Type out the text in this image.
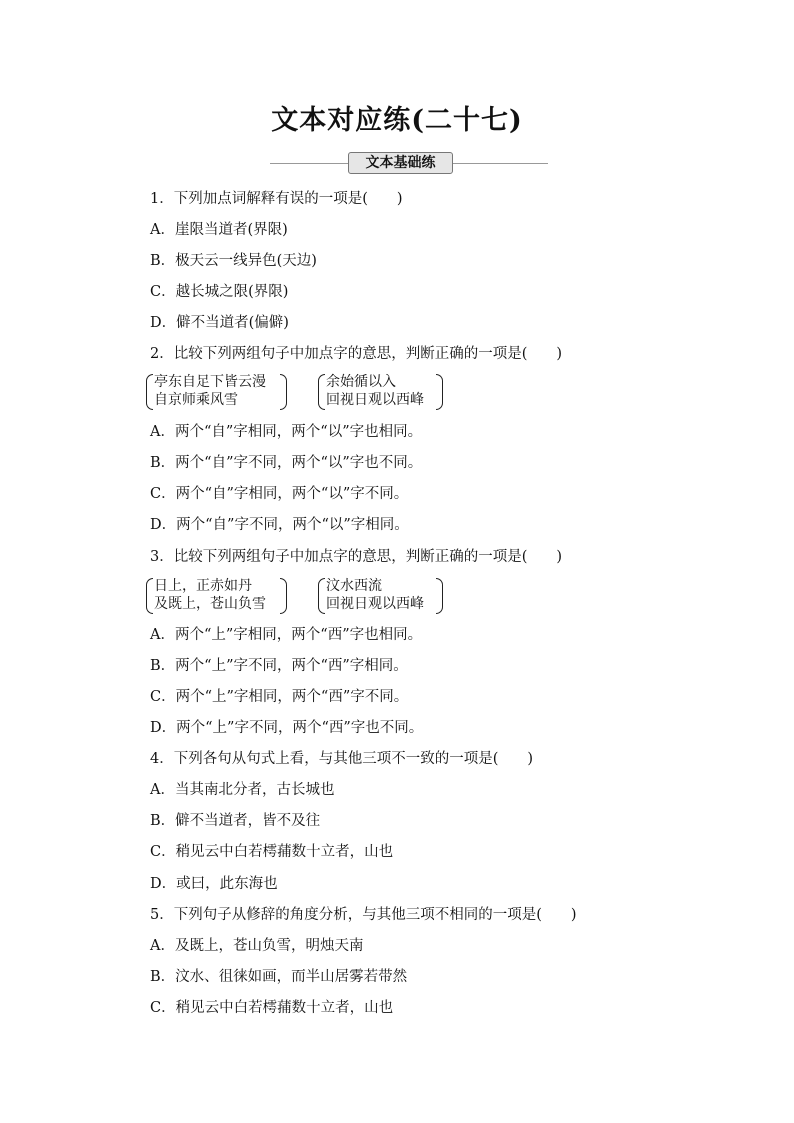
文本对应练(二十七)
文本基础练
1．下列加点词解释有误的一项是(　　)
A．崖限当道者(界限)
B．极天云一线异色(天边)
C．越长城之限(界限)
D．僻不当道者(偏僻)
2．比较下列两组句子中加点字的意思，判断正确的一项是(　　)
亭东自足下皆云漫
自京师乘风雪
余始循以入
回视日观以西峰
A．两个“自”字相同，两个“以”字也相同。
B．两个“自”字不同，两个“以”字也不同。
C．两个“自”字相同，两个“以”字不同。
D．两个“自”字不同，两个“以”字相同。
3．比较下列两组句子中加点字的意思，判断正确的一项是(　　)
日上，正赤如丹
及既上，苍山负雪
汶水西流
回视日观以西峰
A．两个“上”字相同，两个“西”字也相同。
B．两个“上”字不同，两个“西”字相同。
C．两个“上”字相同，两个“西”字不同。
D．两个“上”字不同，两个“西”字也不同。
4．下列各句从句式上看，与其他三项不一致的一项是(　　)
A．当其南北分者，古长城也
B．僻不当道者，皆不及往
C．稍见云中白若樗蒱数十立者，山也
D．或曰，此东海也
5．下列句子从修辞的角度分析，与其他三项不相同的一项是(　　)
A．及既上，苍山负雪，明烛天南
B．汶水、徂徕如画，而半山居雾若带然
C．稍见云中白若樗蒱数十立者，山也
